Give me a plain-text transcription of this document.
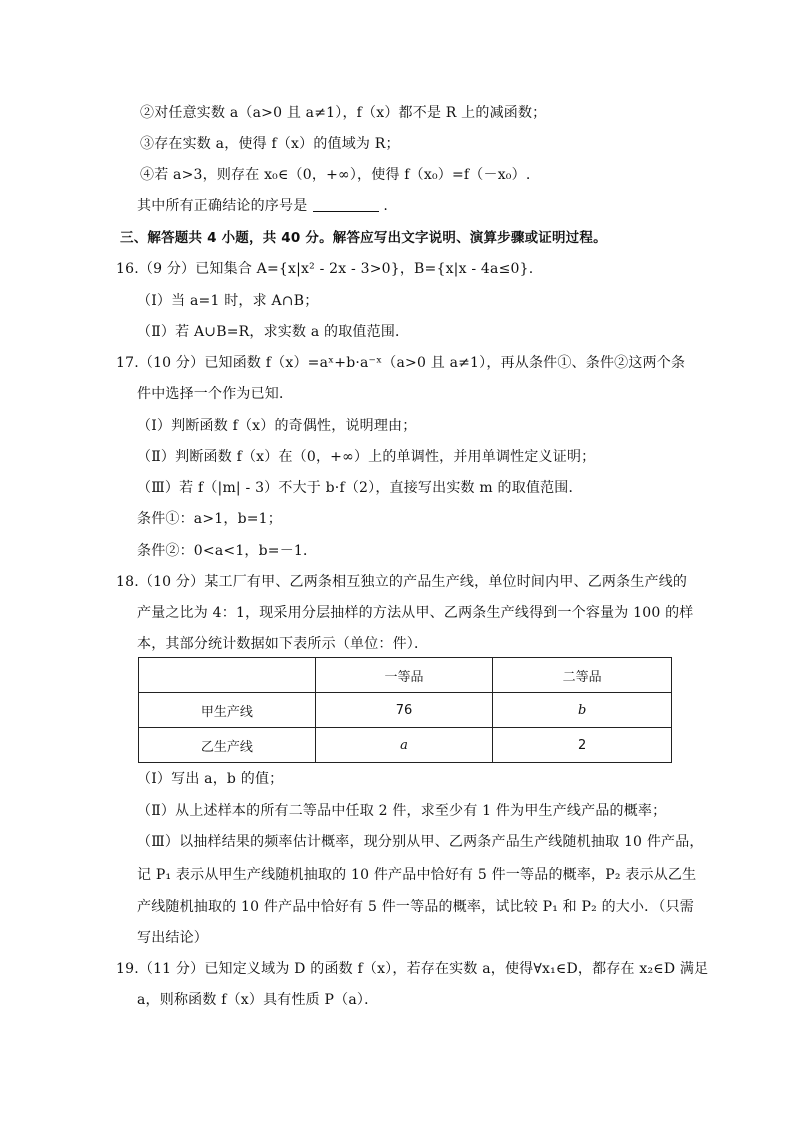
②对任意实数 a（a>0 且 a≠1），f（x）都不是 R 上的减函数；
③存在实数 a，使得 f（x）的值域为 R；
④若 a>3，则存在 x₀∈（0，+∞），使得 f（x₀）=f（－x₀）.
其中所有正确结论的序号是	.
三、解答题共 4 小题，共 40 分。解答应写出文字说明、演算步骤或证明过程。
16.（9 分）已知集合 A={x|x² - 2x - 3>0}，B={x|x - 4a≤0}.
（Ⅰ）当 a=1 时，求 A∩B；
（Ⅱ）若 A∪B=R，求实数 a 的取值范围．
17.（10 分）已知函数 f（x）=aˣ+b·a⁻ˣ（a>0 且 a≠1），再从条件①、条件②这两个条
件中选择一个作为已知．
（Ⅰ）判断函数 f（x）的奇偶性，说明理由；
（Ⅱ）判断函数 f（x）在（0，+∞）上的单调性，并用单调性定义证明；
（Ⅲ）若 f（|m| - 3）不大于 b·f（2），直接写出实数 m 的取值范围．
条件①：a>1，b=1；
条件②：0<a<1，b=－1．
18.（10 分）某工厂有甲、乙两条相互独立的产品生产线，单位时间内甲、乙两条生产线的
产量之比为 4：1，现采用分层抽样的方法从甲、乙两条生产线得到一个容量为 100 的样
本，其部分统计数据如下表所示（单位：件）．
	一等品	二等品
甲生产线	76	b
乙生产线	a	2
（Ⅰ）写出 a，b 的值；
（Ⅱ）从上述样本的所有二等品中任取 2 件，求至少有 1 件为甲生产线产品的概率；
（Ⅲ）以抽样结果的频率估计概率，现分别从甲、乙两条产品生产线随机抽取 10 件产品，
记 P₁ 表示从甲生产线随机抽取的 10 件产品中恰好有 5 件一等品的概率，P₂ 表示从乙生
产线随机抽取的 10 件产品中恰好有 5 件一等品的概率，试比较 P₁ 和 P₂ 的大小．（只需
写出结论）
19.（11 分）已知定义域为 D 的函数 f（x），若存在实数 a，使得∀x₁∈D，都存在 x₂∈D 满足
a，则称函数 f（x）具有性质 P（a）．
